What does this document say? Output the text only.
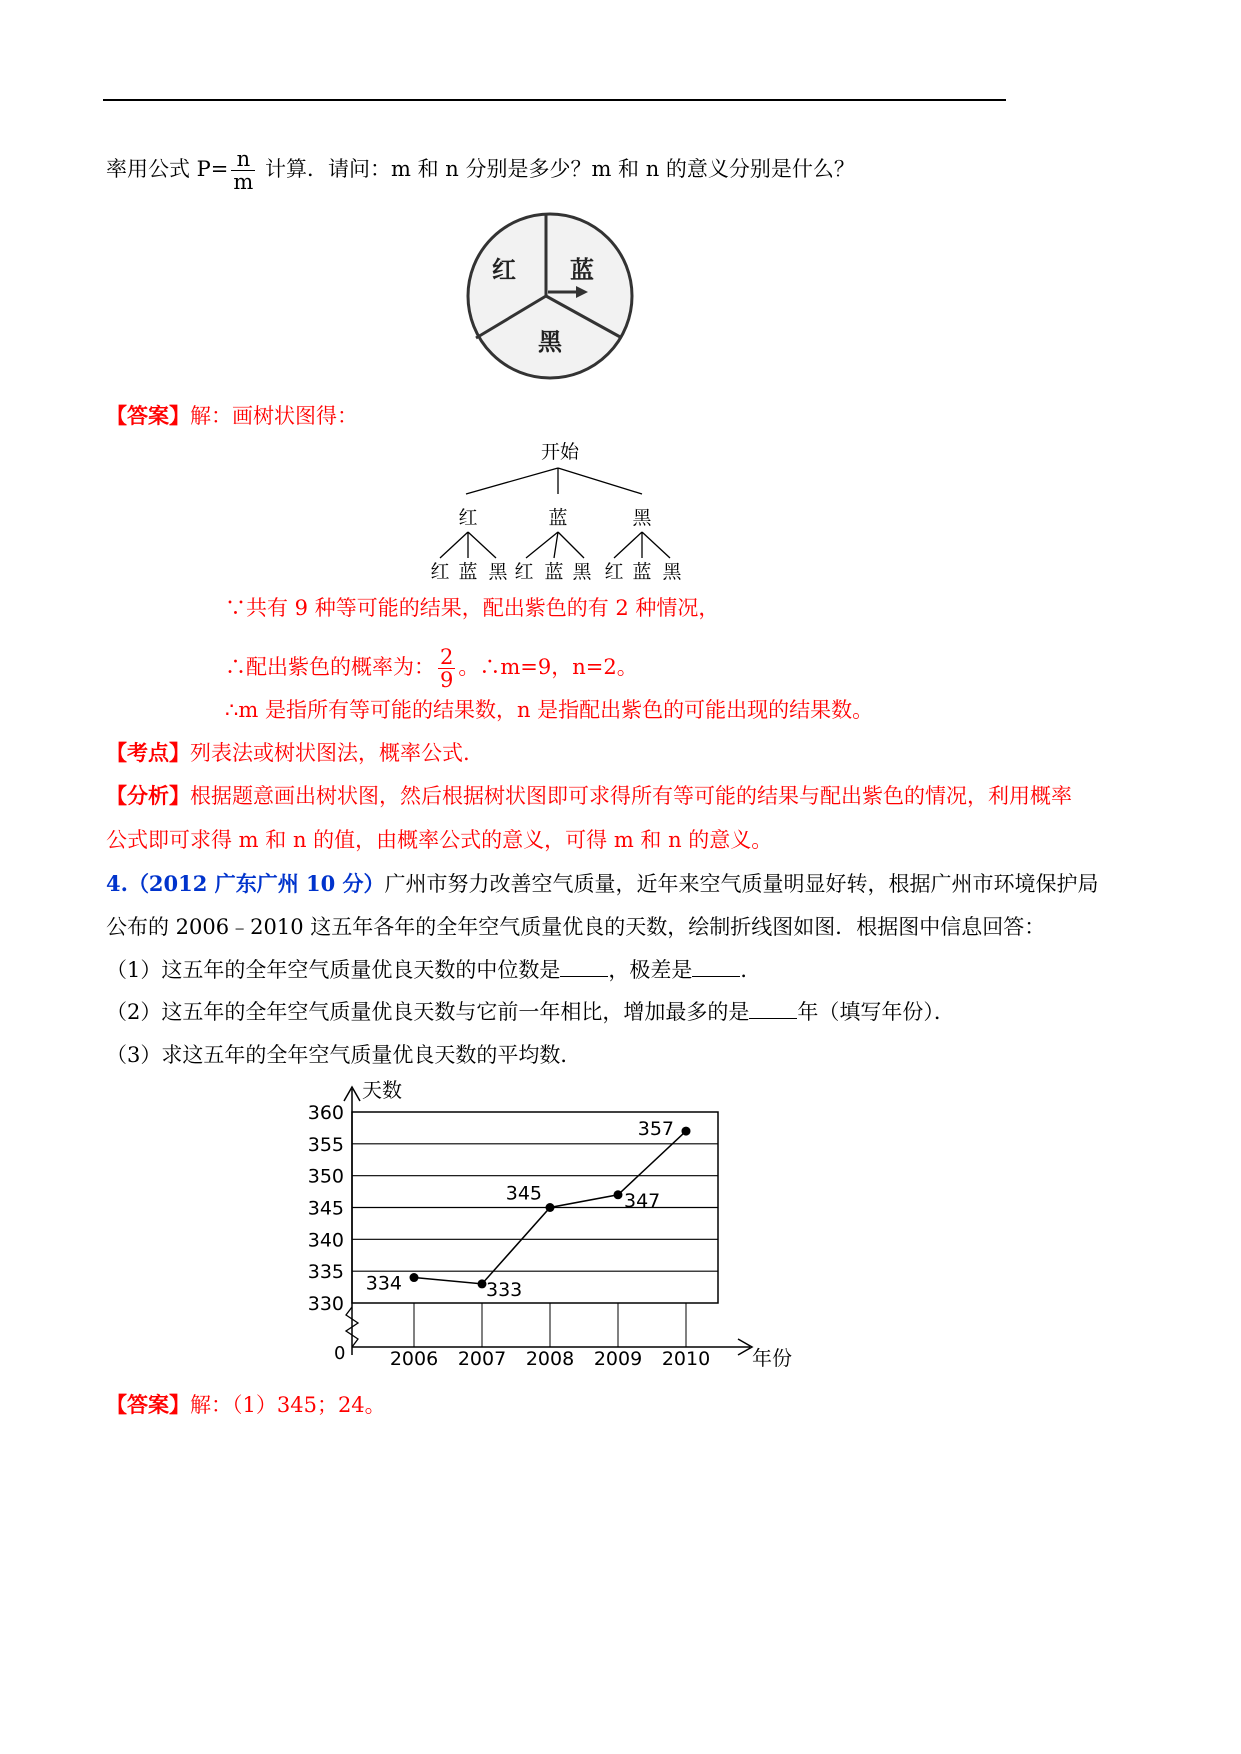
率用公式 $P= \frac{n}{m}$ 计算．请问：m 和 n 分别是多少？m 和 n 的意义分别是什么？
红 蓝
黑
【答案】解：画树状图得：
开始
红	蓝	黑
红 蓝 黑 红 蓝 黑 红 蓝 黑
∵共有 9 种等可能的结果，配出紫色的有 2 种情况，
∴配出紫色的概率为： $\frac{2}{9}$ 。∴m=9，n=2。
∴m 是指所有等可能的结果数，n 是指配出紫色的可能出现的结果数。
【考点】列表法或树状图法，概率公式.
【分析】根据题意画出树状图，然后根据树状图即可求得所有等可能的结果与配出紫色的情况，利用概率
公式即可求得 m 和 n 的值，由概率公式的意义，可得 m 和 n 的意义。
4.（2012 广东广州 10 分）广州市努力改善空气质量，近年来空气质量明显好转，根据广州市环境保护局
公布的 2006﹣2010 这五年各年的全年空气质量优良的天数，绘制折线图如图．根据图中信息回答：
（1）这五年的全年空气质量优良天数的中位数是 ，极差是 ．
（2）这五年的全年空气质量优良天数与它前一年相比，增加最多的是 年（填写年份）．
（3）求这五年的全年空气质量优良天数的平均数．
330
335
340
345
350
355
360
2006 2007 2008 2009 2010
334	333
345	347
357
天数
年份
0
【答案】解：（1）345；24。
